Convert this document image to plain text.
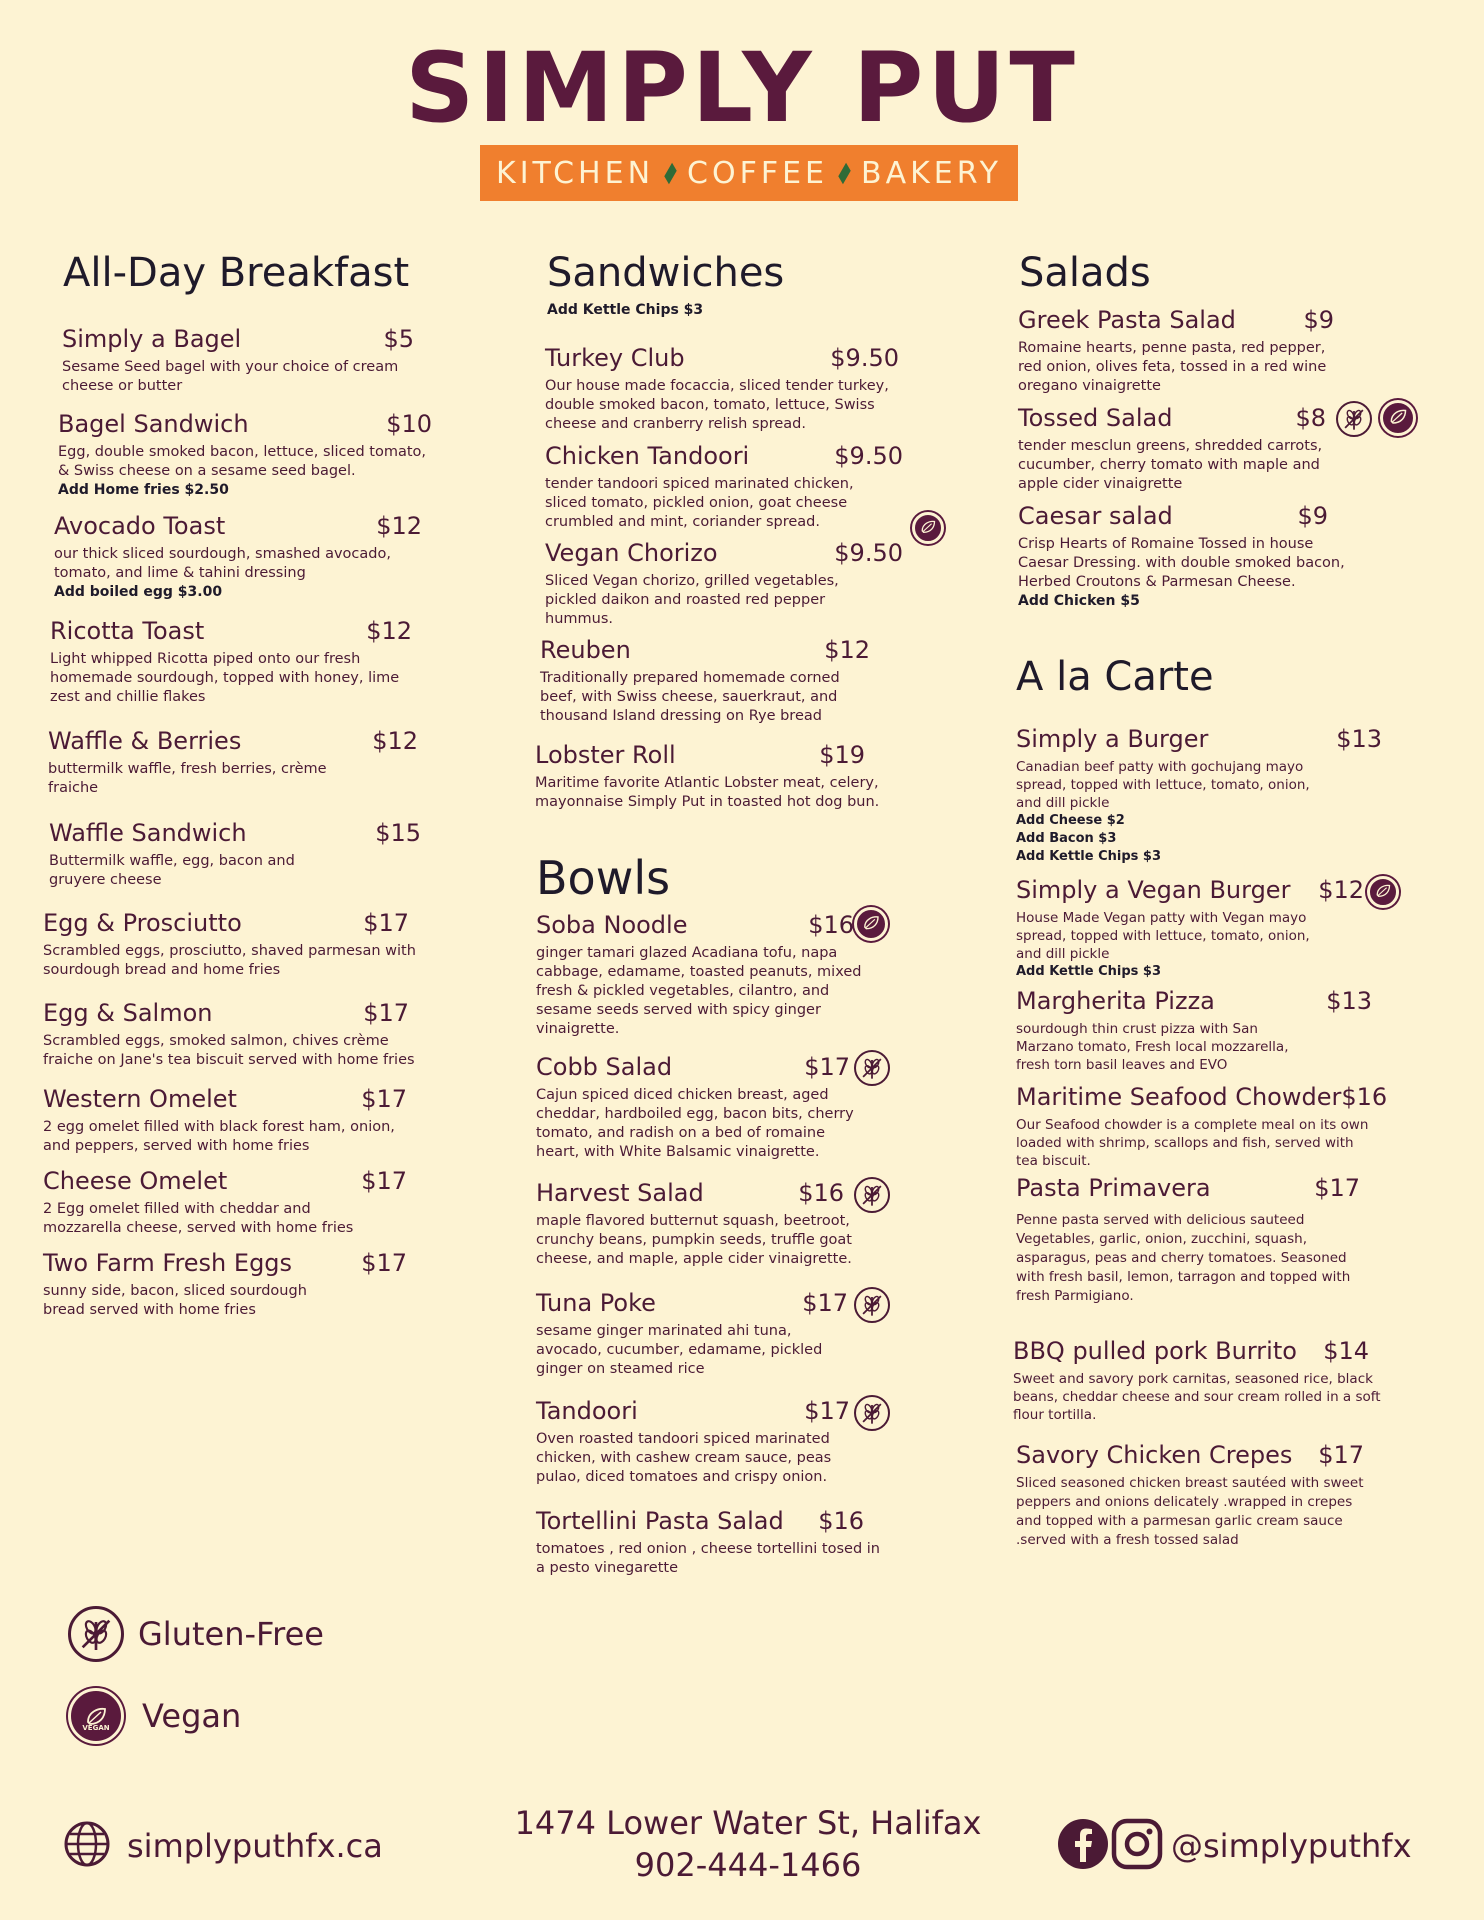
SIMPLY PUT
KITCHEN COFFEE BAKERY
All-Day Breakfast	Sandwiches
Add Kettle Chips $3
Salads
Bowls
A la Carte
Simply a Bagel	$5
Sesame Seed bagel with your choice of cream cheese or butter
Bagel Sandwich	$10
Egg, double smoked bacon, lettuce, sliced tomato, & Swiss cheese on a sesame seed bagel.
Add Home fries $2.50
Avocado Toast	$12
our thick sliced sourdough, smashed avocado, tomato, and lime & tahini dressing
Add boiled egg $3.00
Ricotta Toast	$12
Light whipped Ricotta piped onto our fresh homemade sourdough, topped with honey, lime zest and chillie flakes
Waffle & Berries	$12
buttermilk waffle, fresh berries, crème fraiche
Waffle Sandwich	$15
Buttermilk waffle, egg, bacon and gruyere cheese
Egg & Prosciutto	$17
Scrambled eggs, prosciutto, shaved parmesan with sourdough bread and home fries
Egg & Salmon	$17
Scrambled eggs, smoked salmon, chives crème fraiche on Jane's tea biscuit served with home fries
Western Omelet	$17
2 egg omelet filled with black forest ham, onion, and peppers, served with home fries
Cheese Omelet	$17
2 Egg omelet filled with cheddar and mozzarella cheese, served with home fries
Two Farm Fresh Eggs	$17
sunny side, bacon, sliced sourdough bread served with home fries
Turkey Club	$9.50
Our house made focaccia, sliced tender turkey, double smoked bacon, tomato, lettuce, Swiss cheese and cranberry relish spread.
Chicken Tandoori	$9.50
tender tandoori spiced marinated chicken, sliced tomato, pickled onion, goat cheese crumbled and mint, coriander spread.
Vegan Chorizo	$9.50
Sliced Vegan chorizo, grilled vegetables, pickled daikon and roasted red pepper hummus.
Reuben	$12
Traditionally prepared homemade corned beef, with Swiss cheese, sauerkraut, and thousand Island dressing on Rye bread
Lobster Roll	$19
Maritime favorite Atlantic Lobster meat, celery, mayonnaise Simply Put in toasted hot dog bun.
Soba Noodle	$16
ginger tamari glazed Acadiana tofu, napa cabbage, edamame, toasted peanuts, mixed fresh & pickled vegetables, cilantro, and sesame seeds served with spicy ginger vinaigrette.
Cobb Salad	$17
Cajun spiced diced chicken breast, aged cheddar, hardboiled egg, bacon bits, cherry tomato, and radish on a bed of romaine heart, with White Balsamic vinaigrette.
Harvest Salad	$16
maple flavored butternut squash, beetroot, crunchy beans, pumpkin seeds, truffle goat cheese, and maple, apple cider vinaigrette.
Tuna Poke	$17
sesame ginger marinated ahi tuna, avocado, cucumber, edamame, pickled ginger on steamed rice
Tandoori	$17
Oven roasted tandoori spiced marinated chicken, with cashew cream sauce, peas pulao, diced tomatoes and crispy onion.
Tortellini Pasta Salad $16
tomatoes , red onion , cheese tortellini tosed in a pesto vinegarette
Greek Pasta Salad	$9
Romaine hearts, penne pasta, red pepper, red onion, olives feta, tossed in a red wine oregano vinaigrette
Tossed Salad	$8
tender mesclun greens, shredded carrots, cucumber, cherry tomato with maple and apple cider vinaigrette
Caesar salad	$9
Crisp Hearts of Romaine Tossed in house Caesar Dressing. with double smoked bacon, Herbed Croutons & Parmesan Cheese.
Add Chicken $5
Simply a Burger	$13
Canadian beef patty with gochujang mayo spread, topped with lettuce, tomato, onion, and dill pickle
Add Cheese $2
Add Bacon $3
Add Kettle Chips $3
Simply a Vegan Burger $12
House Made Vegan patty with Vegan mayo spread, topped with lettuce, tomato, onion, and dill pickle
Add Kettle Chips $3
Margherita Pizza	$13
sourdough thin crust pizza with San Marzano tomato, Fresh local mozzarella, fresh torn basil leaves and EVO
Maritime Seafood Chowder $16
Our Seafood chowder is a complete meal on its own loaded with shrimp, scallops and fish, served with tea biscuit.
Pasta Primavera	$17
Penne pasta served with delicious sauteed Vegetables, garlic, onion, zucchini, squash, asparagus, peas and cherry tomatoes. Seasoned with fresh basil, lemon, tarragon and topped with fresh Parmigiano.
BBQ pulled pork Burrito $14
Sweet and savory pork carnitas, seasoned rice, black beans, cheddar cheese and sour cream rolled in a soft flour tortilla.
Savory Chicken Crepes $17
Sliced seasoned chicken breast sautéed with sweet peppers and onions delicately .wrapped in crepes and topped with a parmesan garlic cream sauce .served with a fresh tossed salad
Gluten-Free
VEGAN Vegan
simplyputhfx.ca
1474 Lower Water St, Halifax
902-444-1466	@simplyputhfx
